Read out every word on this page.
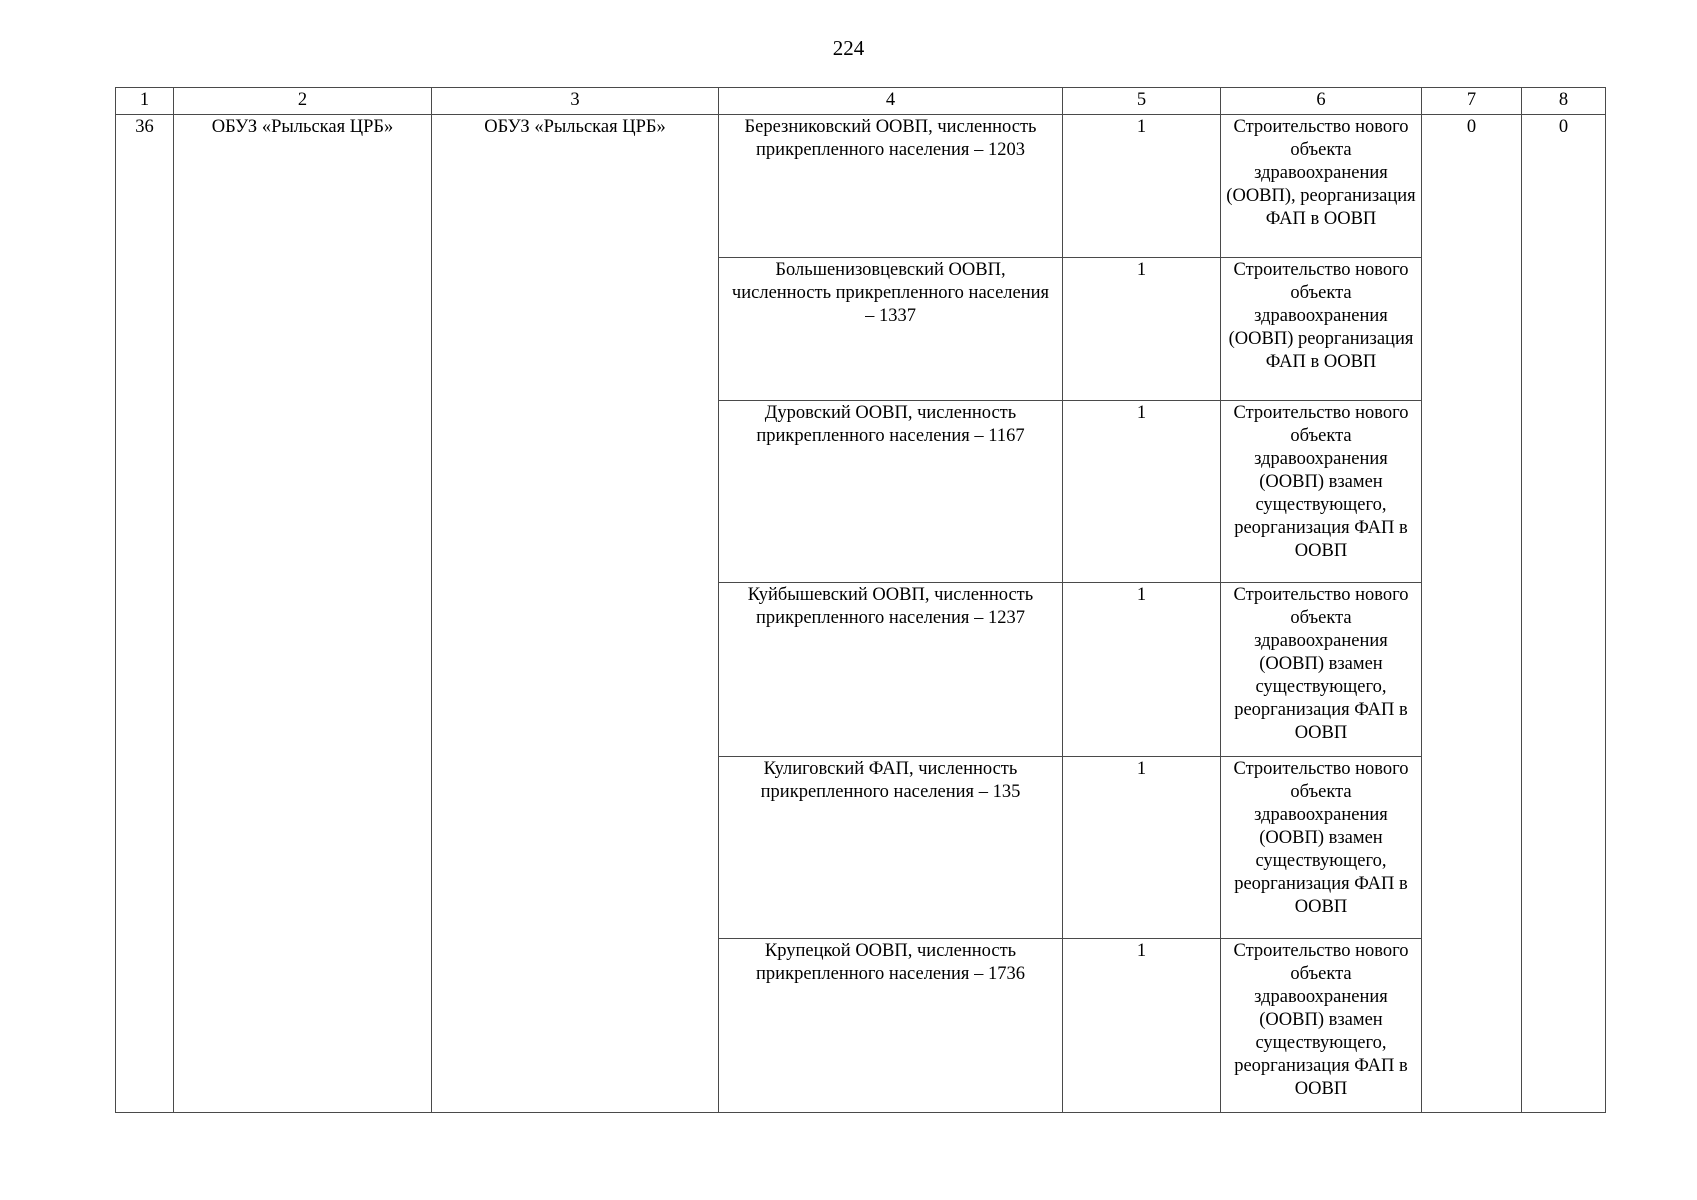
224
1	2	3	4	5	6	7	8
36	ОБУЗ «Рыльская ЦРБ»	ОБУЗ «Рыльская ЦРБ»	Березниковский ООВП, численность прикрепленного населения – 1203	1	Строительство нового объекта здравоохранения (ООВП), реорганизация ФАП в ООВП	0	0

			Большенизовцевский ООВП, численность прикрепленного населения – 1337	1	Строительство нового объекта здравоохранения (ООВП) реорганизация ФАП в ООВП		

			Дуровский ООВП, численность прикрепленного населения – 1167	1	Строительство нового объекта здравоохранения (ООВП) взамен существующего, реорганизация ФАП в ООВП		

			Куйбышевский ООВП, численность прикрепленного населения – 1237	1	Строительство нового объекта здравоохранения (ООВП) взамен существующего, реорганизация ФАП в ООВП		

			Кулиговский ФАП, численность прикрепленного населения – 135	1	Строительство нового объекта здравоохранения (ООВП) взамен существующего, реорганизация ФАП в ООВП		

			Крупецкой ООВП, численность прикрепленного населения – 1736	1	Строительство нового объекта здравоохранения (ООВП) взамен существующего, реорганизация ФАП в ООВП		
